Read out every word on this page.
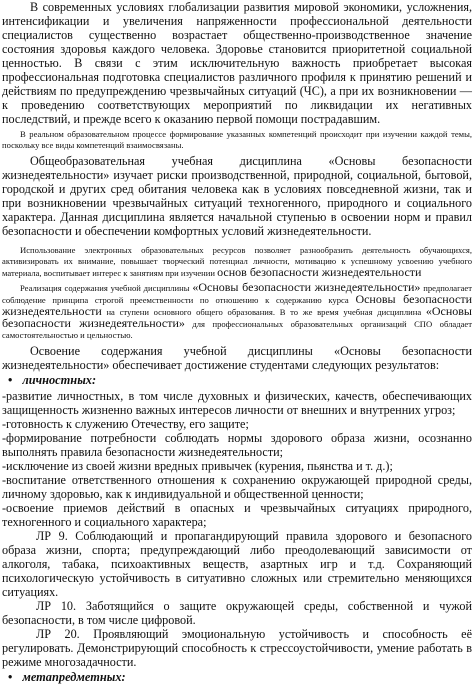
В современных условиях глобализации развития мировой экономики, усложнения, интенсификации и увеличения напряженности профессиональной деятельности специалистов существенно возрастает общественно-производственное значение состояния здоровья каждого человека. Здоровье становится приоритетной социальной ценностью. В связи с этим исключительную важность приобретает высокая профессиональная подготовка специалистов различного профиля к принятию решений и действиям по предупреждению чрезвычайных ситуаций (ЧС), а при их возникновении — к проведению соответствующих мероприятий по ликвидации их негативных последствий, и прежде всего к оказанию первой помощи пострадавшим.

В реальном образовательном процессе формирование указанных компетенций происходит при изучении каждой темы, поскольку все виды компетенций взаимосвязаны.

Общеобразовательная учебная дисциплина «Основы безопасности жизнедеятельности» изучает риски производственной, природной, социальной, бытовой, городской и других сред обитания человека как в условиях повседневной жизни, так и при возникновении чрезвычайных ситуаций техногенного, природного и социального характера. Данная дисциплина является начальной ступенью в освоении норм и правил безопасности и обеспечении комфортных условий жизнедеятельности.

Использование электронных образовательных ресурсов позволяет разнообразить деятельность обучающихся, активизировать их внимание, повышает творческий потенциал личности, мотивацию к успешному усвоению учебного материала, воспитывает интерес к занятиям при изучении основ безопасности жизнедеятельности

Реализация содержания учебной дисциплины «Основы безопасности жизнедеятельности» предполагает соблюдение принципа строгой преемственности по отношению к содержанию курса Основы безопасности жизнедеятельности на ступени основного общего образования. В то же время учебная дисциплина «Основы безопасности жизнедеятельности» для профессиональных образовательных организаций СПО обладает самостоятельностью и цельностью.

Освоение содержания учебной дисциплины «Основы безопасности жизнедеятельности» обеспечивает достижение студентами следующих результатов:

• личностных:

-развитие личностных, в том числе духовных и физических, качеств, обеспечивающих защищенность жизненно важных интересов личности от внешних и внутренних угроз;

-готовность к служению Отечеству, его защите;

-формирование потребности соблюдать нормы здорового образа жизни, осознанно выполнять правила безопасности жизнедеятельности;

-исключение из своей жизни вредных привычек (курения, пьянства и т. д.);

-воспитание ответственного отношения к сохранению окружающей природной среды, личному здоровью, как к индивидуальной и общественной ценности;

-освоение приемов действий в опасных и чрезвычайных ситуациях природного, техногенного и социального характера;

ЛР 9. Соблюдающий и пропагандирующий правила здорового и безопасного образа жизни, спорта; предупреждающий либо преодолевающий зависимости от алкоголя, табака, психоактивных веществ, азартных игр и т.д. Сохраняющий психологическую устойчивость в ситуативно сложных или стремительно меняющихся ситуациях.

ЛР 10. Заботящийся о защите окружающей среды, собственной и чужой безопасности, в том числе цифровой.

ЛР 20. Проявляющий эмоциональную устойчивость и способность её регулировать. Демонстрирующий способность к стрессоустойчивости, умение работать в режиме многозадачности.

• метапредметных:
